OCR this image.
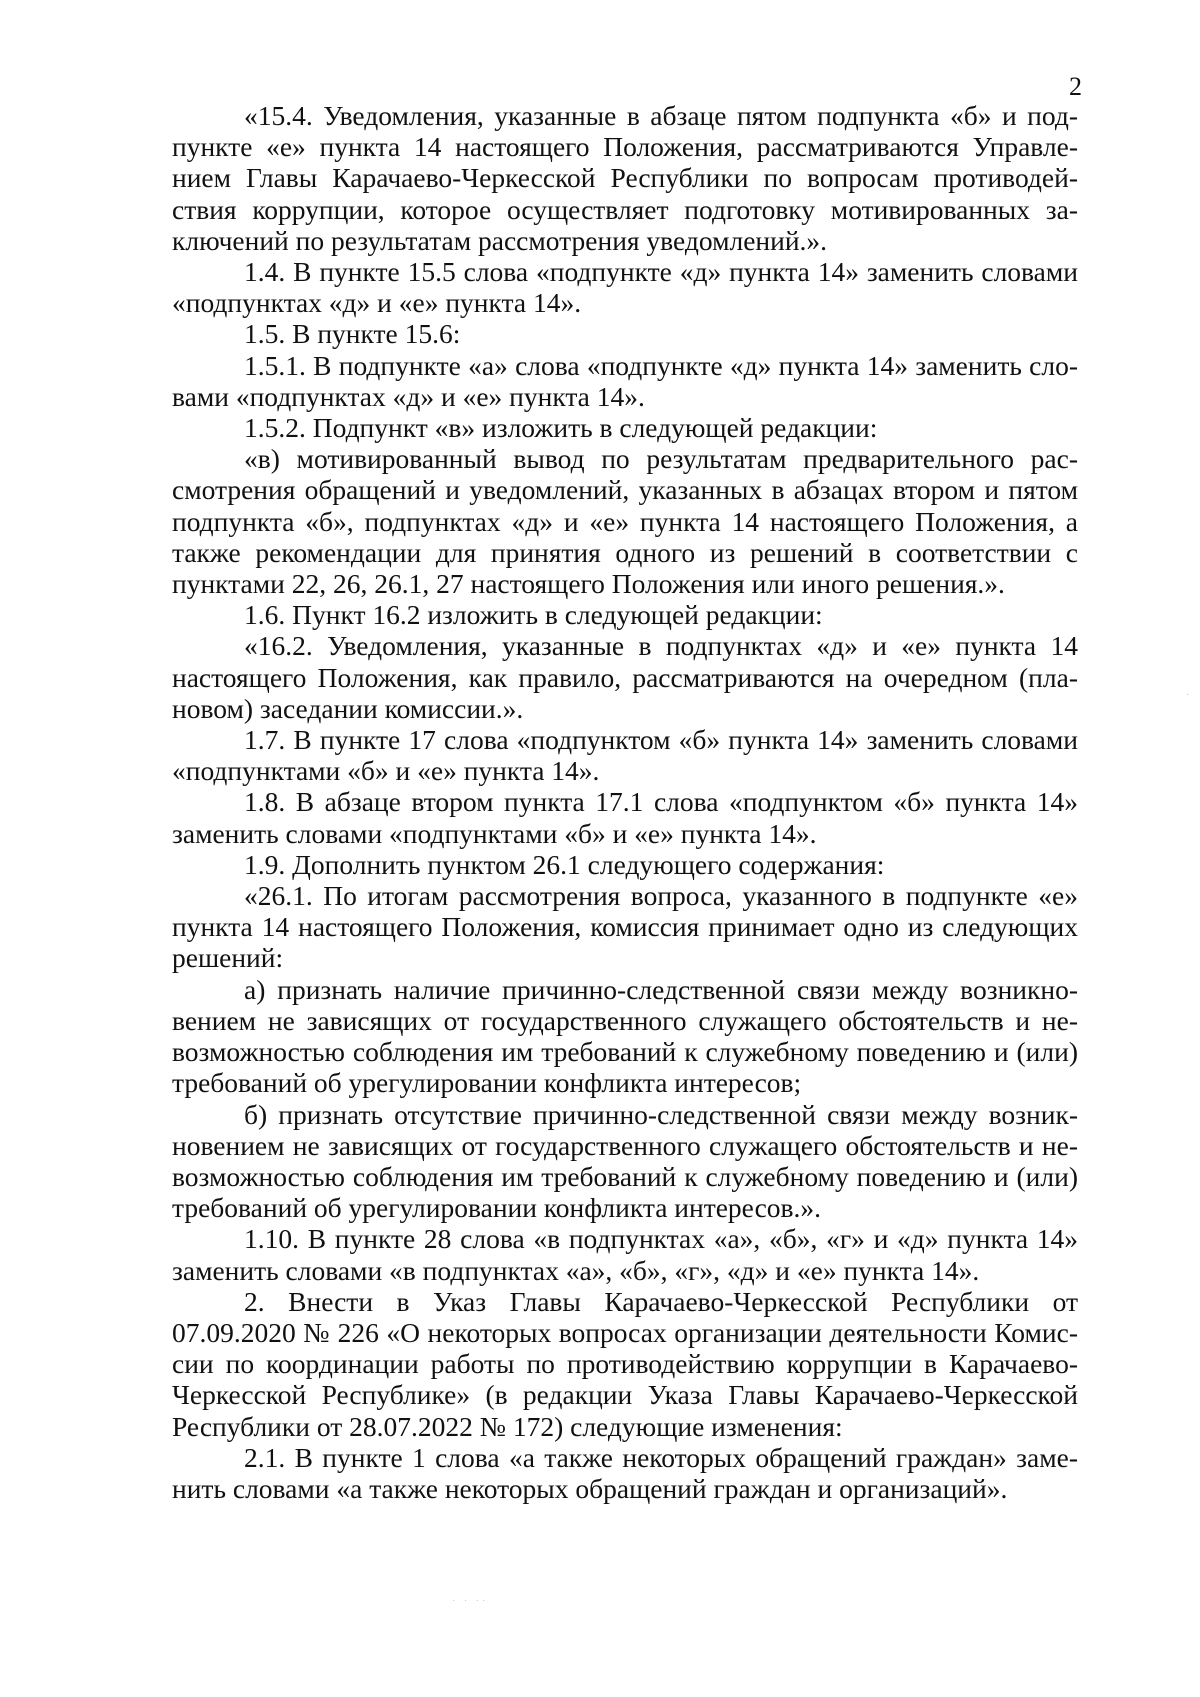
2

«15.4. Уведомления, указанные в абзаце пятом подпункта «б» и подпункте «е» пункта 14 настоящего Положения, рассматриваются Управлением Главы Карачаево-Черкесской Республики по вопросам противодействия коррупции, которое осуществляет подготовку мотивированных заключений по результатам рассмотрения уведомлений.».

1.4. В пункте 15.5 слова «подпункте «д» пункта 14» заменить словами «подпунктах «д» и «е» пункта 14».

1.5. В пункте 15.6:

1.5.1. В подпункте «а» слова «подпункте «д» пункта 14» заменить словами «подпунктах «д» и «е» пункта 14».

1.5.2. Подпункт «в» изложить в следующей редакции:

«в) мотивированный вывод по результатам предварительного рассмотрения обращений и уведомлений, указанных в абзацах втором и пятом подпункта «б», подпунктах «д» и «е» пункта 14 настоящего Положения, а также рекомендации для принятия одного из решений в соответствии с пунктами 22, 26, 26.1, 27 настоящего Положения или иного решения.».

1.6. Пункт 16.2 изложить в следующей редакции:

«16.2. Уведомления, указанные в подпунктах «д» и «е» пункта 14 настоящего Положения, как правило, рассматриваются на очередном (плановом) заседании комиссии.».

1.7. В пункте 17 слова «подпунктом «б» пункта 14» заменить словами «подпунктами «б» и «е» пункта 14».

1.8. В абзаце втором пункта 17.1 слова «подпунктом «б» пункта 14» заменить словами «подпунктами «б» и «е» пункта 14».

1.9. Дополнить пунктом 26.1 следующего содержания:

«26.1. По итогам рассмотрения вопроса, указанного в подпункте «е» пункта 14 настоящего Положения, комиссия принимает одно из следующих решений:

а) признать наличие причинно-следственной связи между возникновением не зависящих от государственного служащего обстоятельств и невозможностью соблюдения им требований к служебному поведению и (или) требований об урегулировании конфликта интересов;

б) признать отсутствие причинно-следственной связи между возникновением не зависящих от государственного служащего обстоятельств и невозможностью соблюдения им требований к служебному поведению и (или) требований об урегулировании конфликта интересов.».

1.10. В пункте 28 слова «в подпунктах «а», «б», «г» и «д» пункта 14» заменить словами «в подпунктах «а», «б», «г», «д» и «е» пункта 14».

2. Внести в Указ Главы Карачаево-Черкесской Республики от 07.09.2020 № 226 «О некоторых вопросах организации деятельности Комиссии по координации работы по противодействию коррупции в Карачаево-Черкесской Республике» (в редакции Указа Главы Карачаево-Черкесской Республики от 28.07.2022 № 172) следующие изменения:

2.1. В пункте 1 слова «а также некоторых обращений граждан» заменить словами «а также некоторых обращений граждан и организаций».

· · ··
·
